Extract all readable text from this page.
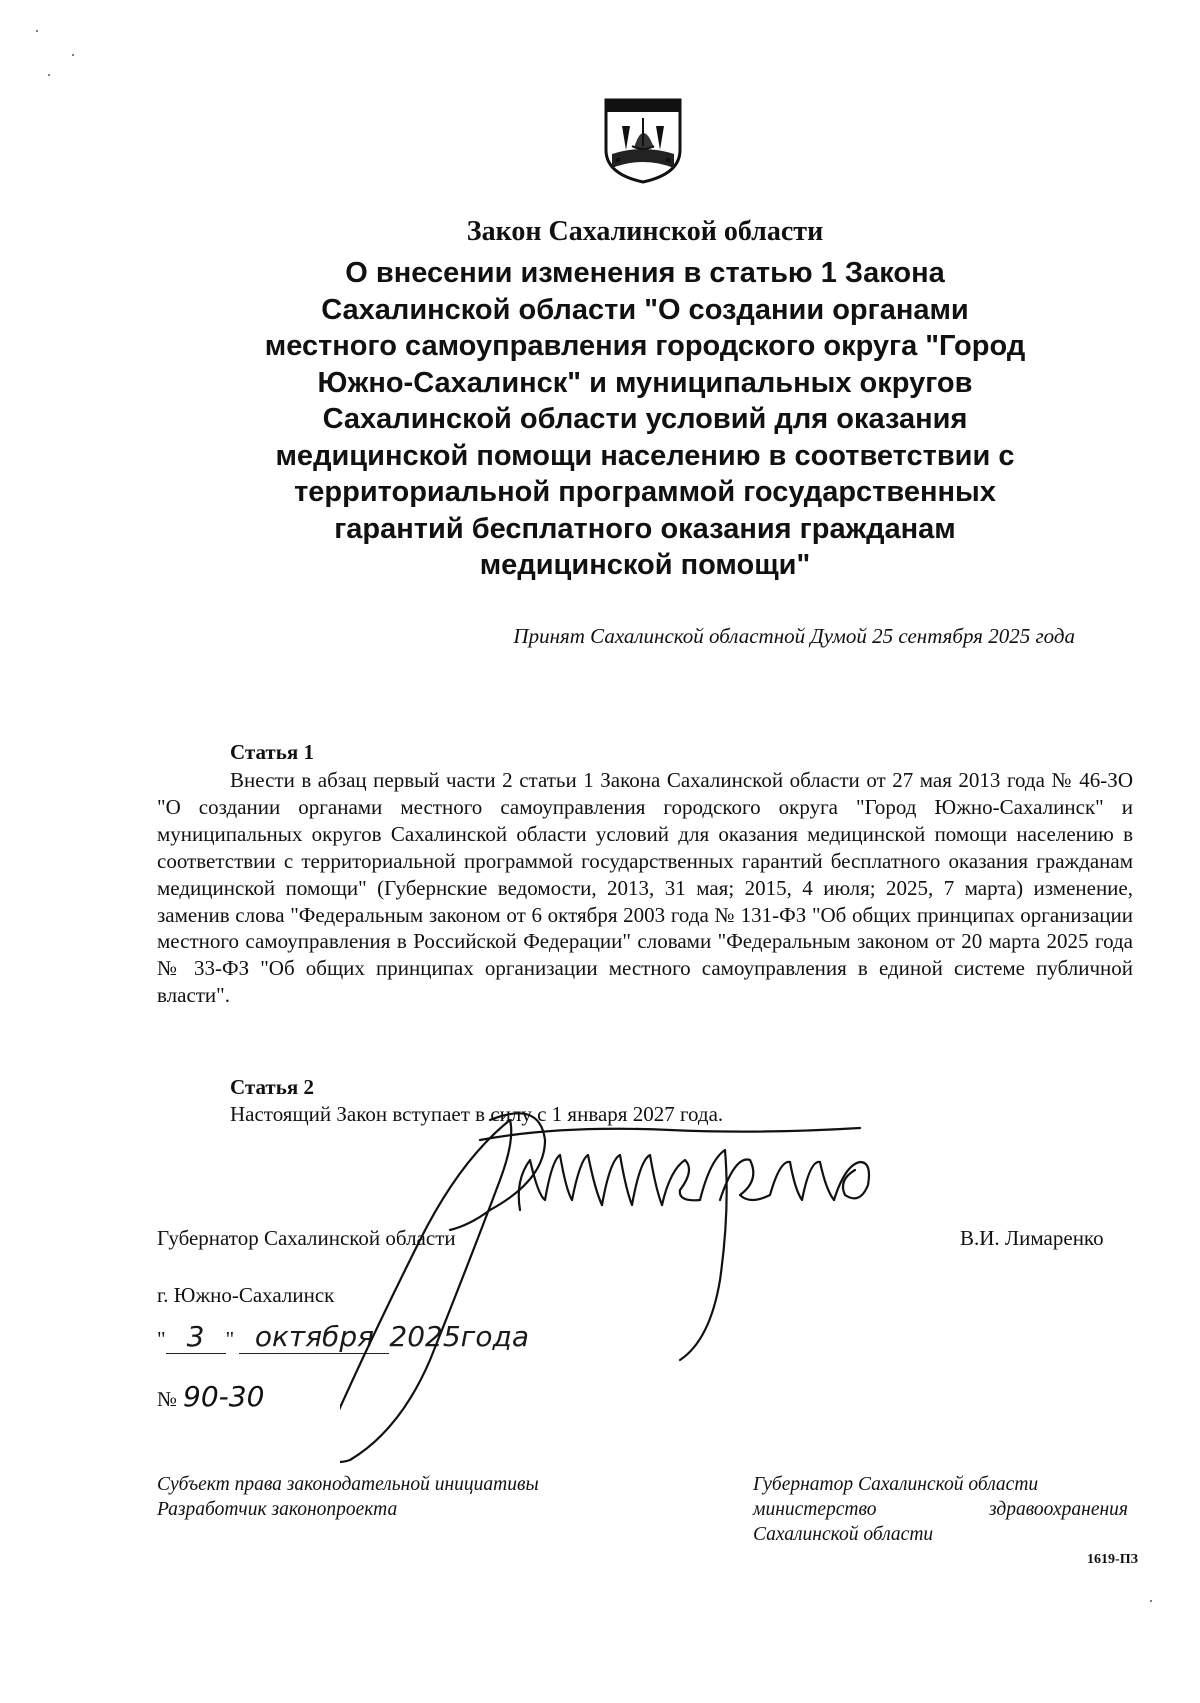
Закон Сахалинской области
О внесении изменения в статью 1 Закона
Сахалинской области "О создании органами
местного самоуправления городского округа "Город
Южно-Сахалинск" и муниципальных округов
Сахалинской области условий для оказания
медицинской помощи населению в соответствии с
территориальной программой государственных
гарантий бесплатного оказания гражданам
медицинской помощи"
Принят Сахалинской областной Думой 25 сентября 2025 года
Статья 1

Внести в абзац первый части 2 статьи 1 Закона Сахалинской области от 27 мая 2013 года № 46-ЗО "О создании органами местного самоуправления городского округа "Город Южно-Сахалинск" и муниципальных округов Сахалинской области условий для оказания медицинской помощи населению в соответствии с территориальной программой государственных гарантий бесплатного оказания гражданам медицинской помощи" (Губернские ведомости, 2013, 31 мая; 2015, 4 июля; 2025, 7 марта) изменение, заменив слова "Федеральным законом от 6 октября 2003 года № 131-ФЗ "Об общих принципах организации местного самоуправления в Российской Федерации" словами "Федеральным законом от 20 марта 2025 года № 33-ФЗ "Об общих принципах организации местного самоуправления в единой системе публичной власти".

Статья 2
Настоящий Закон вступает в силу с 1 января 2027 года.
Губернатор Сахалинской области	В.И. Лимаренко
г. Южно-Сахалинск
" 3 " октября 2025года
№ 90-30
Субъект права законодательной инициативы
Разработчик законопроекта
Губернатор Сахалинской области
министерство	здравоохранения
Сахалинской области
1619-ПЗ
